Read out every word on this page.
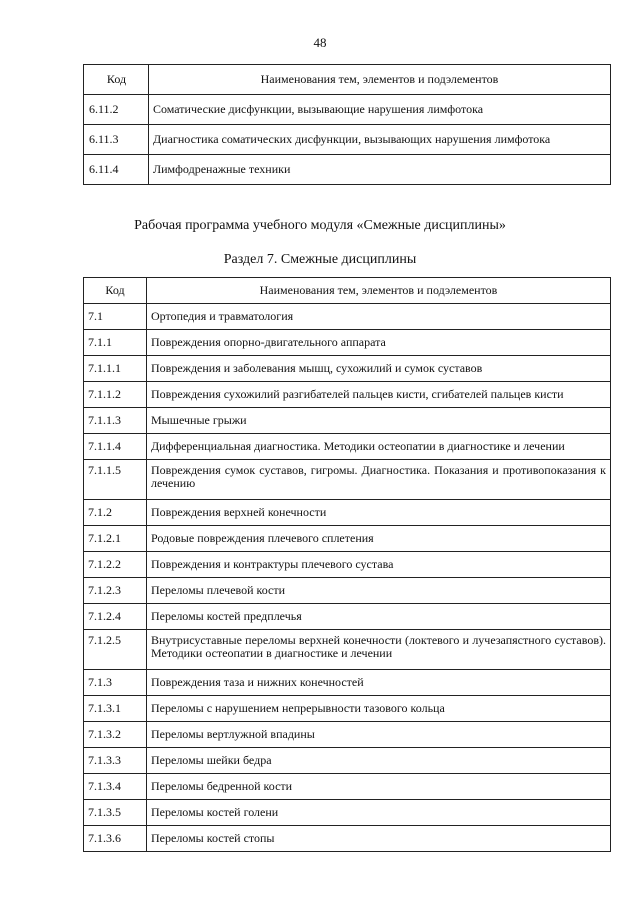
48
Код	Наименования тем, элементов и подэлементов
6.11.2	Соматические дисфункции, вызывающие нарушения лимфотока
6.11.3	Диагностика соматических дисфункции, вызывающих нарушения лимфотока
6.11.4	Лимфодренажные техники
Рабочая программа учебного модуля «Смежные дисциплины»
Раздел 7. Смежные дисциплины
Код	Наименования тем, элементов и подэлементов
7.1	Ортопедия и травматология
7.1.1	Повреждения опорно-двигательного аппарата
7.1.1.1	Повреждения и заболевания мышц, сухожилий и сумок суставов
7.1.1.2	Повреждения сухожилий разгибателей пальцев кисти, сгибателей пальцев кисти
7.1.1.3	Мышечные грыжи
7.1.1.4	Дифференциальная диагностика. Методики остеопатии в диагностике и лечении
7.1.1.5	Повреждения сумок суставов, гигромы. Диагностика. Показания и противопоказания к лечению
7.1.2	Повреждения верхней конечности
7.1.2.1	Родовые повреждения плечевого сплетения
7.1.2.2	Повреждения и контрактуры плечевого сустава
7.1.2.3	Переломы плечевой кости
7.1.2.4	Переломы костей предплечья
7.1.2.5	Внутрисуставные переломы верхней конечности (локтевого и лучезапястного суставов). Методики остеопатии в диагностике и лечении
7.1.3	Повреждения таза и нижних конечностей
7.1.3.1	Переломы с нарушением непрерывности тазового кольца
7.1.3.2	Переломы вертлужной впадины
7.1.3.3	Переломы шейки бедра
7.1.3.4	Переломы бедренной кости
7.1.3.5	Переломы костей голени
7.1.3.6	Переломы костей стопы
